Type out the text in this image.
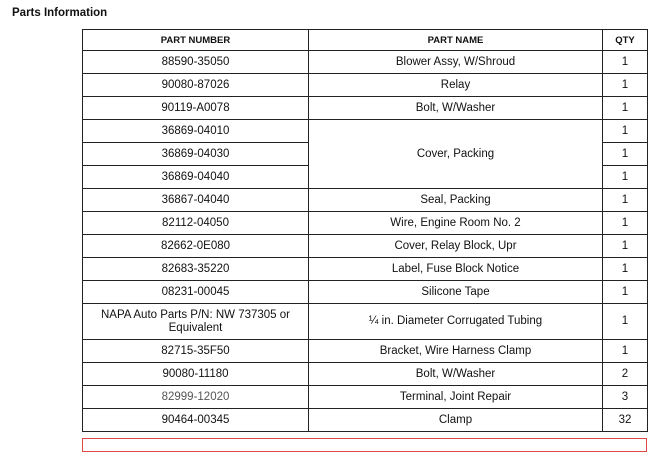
Parts Information
PART NUMBER	PART NAME	QTY
88590-35050	Blower Assy, W/Shroud	1
90080-87026	Relay	1
90119-A0078	Bolt, W/Washer	1
36869-04010	Cover, Packing	1
36869-04030		1
36869-04040		1
36867-04040	Seal, Packing	1
82112-04050	Wire, Engine Room No. 2	1
82662-0E080	Cover, Relay Block, Upr	1
82683-35220	Label, Fuse Block Notice	1
08231-00045	Silicone Tape	1
NAPA Auto Parts P/N: NW 737305 or Equivalent	¼ in. Diameter Corrugated Tubing	1
82715-35F50	Bracket, Wire Harness Clamp	1
90080-11180	Bolt, W/Washer	2
82999-12020	Terminal, Joint Repair	3
90464-00345	Clamp	32
